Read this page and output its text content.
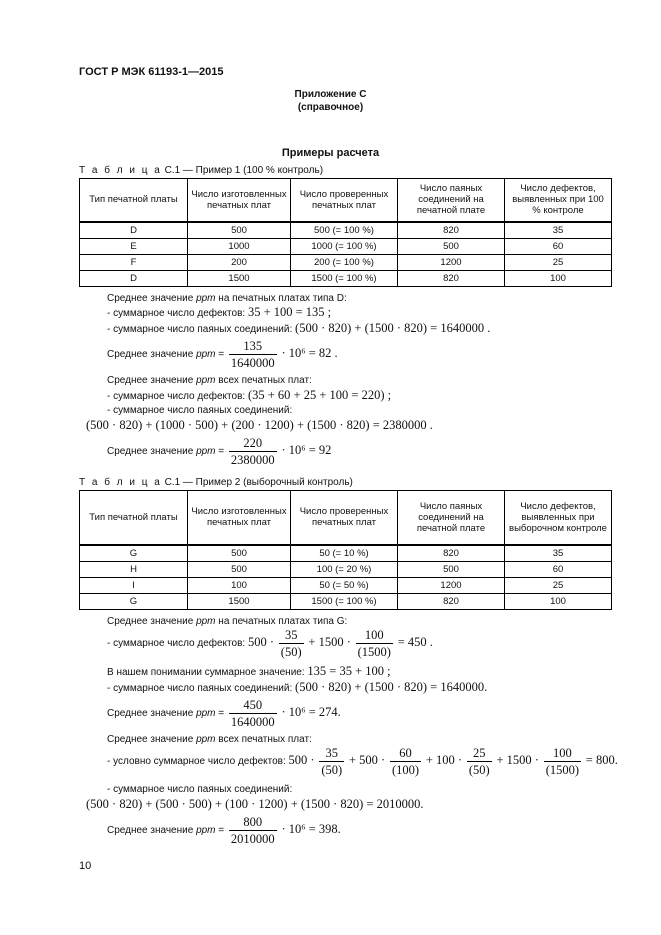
ГОСТ Р МЭК 61193-1—2015
Приложение С
(справочное)
Примеры расчета
Т а б л и ц а С.1 — Пример 1 (100 % контроль)
Тип печатной платы	Число изготовленных печатных плат	Число проверенных печатных плат	Число паяных соединений на печатной плате	Число дефектов, выявленных при 100 % контроле
D	500	500 (= 100 %)	820	35
E	1000	1000 (= 100 %)	500	60
F	200	200 (= 100 %)	1200	25
D	1500	1500 (= 100 %)	820	100
Среднее значение ppm на печатных платах типа D:
- суммарное число дефектов: 35 + 100 = 135 ;
- суммарное число паяных соединений: (500 · 820) + (1500 · 820) = 1640000 .
Среднее значение ppm = $\frac{135}{1640000} \cdot 10^6 = 82$ .
Среднее значение ppm всех печатных плат:
- суммарное число дефектов: (35 + 60 + 25 + 100 = 220) ;
- суммарное число паяных соединений:
(500 · 820) + (1000 · 500) + (200 · 1200) + (1500 · 820) = 2380000 .
Среднее значение ppm = $\frac{220}{2380000} \cdot 10^6 = 92$
Т а б л и ц а С.1 — Пример 2 (выборочный контроль)
Тип печатной платы	Число изготовленных печатных плат	Число проверенных печатных плат	Число паяных соединений на печатной плате	Число дефектов, выявленных при выборочном контроле
G	500	50 (= 10 %)	820	35
H	500	100 (= 20 %)	500	60
I	100	50 (= 50 %)	1200	25
G	1500	1500 (= 100 %)	820	100
Среднее значение ppm на печатных платах типа G:
- суммарное число дефектов: $500 \cdot \frac{35}{(50)} + 1500 \cdot \frac{100}{(1500)} = 450$ .
В нашем понимании суммарное значение: 135 = 35 + 100 ;
- суммарное число паяных соединений: (500 · 820) + (1500 · 820) = 1640000.
Среднее значение ppm = $\frac{450}{1640000} \cdot 10^6 = 274$.
Среднее значение ppm всех печатных плат:
- условно суммарное число дефектов: $500 \cdot \frac{35}{(50)} + 500 \cdot \frac{60}{(100)} + 100 \cdot \frac{25}{(50)} + 1500 \cdot \frac{100}{(1500)} = 800$.
- суммарное число паяных соединений:
(500 · 820) + (500 · 500) + (100 · 1200) + (1500 · 820) = 2010000.
Среднее значение ppm = $\frac{800}{2010000} \cdot 10^6 = 398$.
10
